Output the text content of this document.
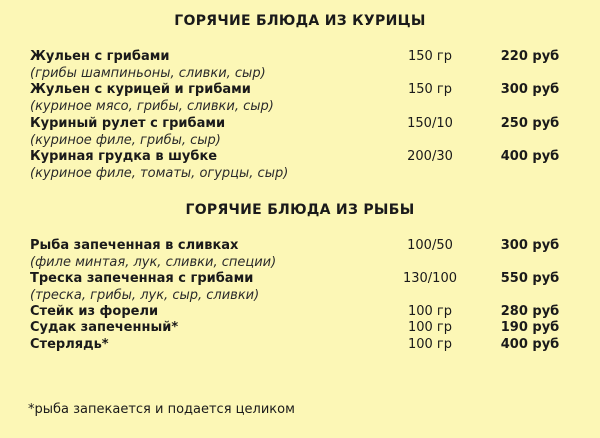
ГОРЯЧИЕ БЛЮДА ИЗ КУРИЦЫ
Жульен с грибами	150 гр	220 руб
(грибы шампиньоны, сливки, сыр)
Жульен с курицей и грибами	150 гр	300 руб
(куриное мясо, грибы, сливки, сыр)
Куриный рулет с грибами	150/10	250 руб
(куриное филе, грибы, сыр)
Куриная грудка в шубке	200/30	400 руб
(куриное филе, томаты, огурцы, сыр)
ГОРЯЧИЕ БЛЮДА ИЗ РЫБЫ
Рыба запеченная в сливках	100/50	300 руб
(филе минтая, лук, сливки, специи)
Треска запеченная с грибами	130/100	550 руб
(треска, грибы, лук, сыр, сливки)
Стейк из форели	100 гр	280 руб
Судак запеченный*	100 гр	190 руб
Стерлядь*	100 гр	400 руб
*рыба запекается и подается целиком
